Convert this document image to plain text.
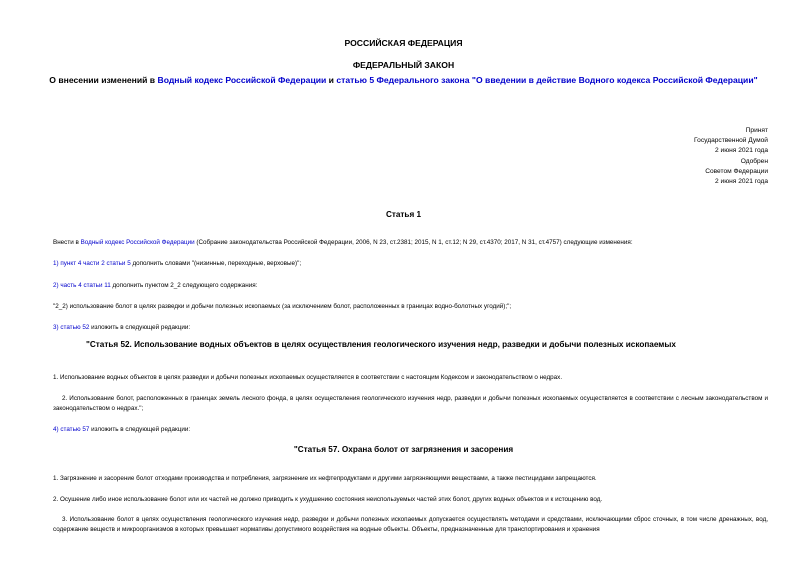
РОССИЙСКАЯ ФЕДЕРАЦИЯ
ФЕДЕРАЛЬНЫЙ ЗАКОН
О внесении изменений в Водный кодекс Российской Федерации и статью 5 Федерального закона "О введении в действие Водного кодекса Российской Федерации"
Принят
Государственной Думой
2 июня 2021 года
Одобрен
Советом Федерации
2 июня 2021 года
Статья 1
Внести в Водный кодекс Российской Федерации (Собрание законодательства Российской Федерации, 2006, N 23, ст.2381; 2015, N 1, ст.12; N 29, ст.4370; 2017, N 31, ст.4757) следующие изменения:
1) пункт 4 части 2 статьи 5 дополнить словами "(низинные, переходные, верховые)";
2) часть 4 статьи 11 дополнить пунктом 2_2 следующего содержания:
"2_2) использование болот в целях разведки и добычи полезных ископаемых (за исключением болот, расположенных в границах водно-болотных угодий);";
3) статью 52 изложить в следующей редакции:
"Статья 52. Использование водных объектов в целях осуществления геологического изучения недр, разведки и добычи полезных ископаемых
1. Использование водных объектов в целях разведки и добычи полезных ископаемых осуществляется в соответствии с настоящим Кодексом и законодательством о недрах.
2. Использование болот, расположенных в границах земель лесного фонда, в целях осуществления геологического изучения недр, разведки и добычи полезных ископаемых осуществляется в соответствии с лесным законодательством и законодательством о недрах.";
4) статью 57 изложить в следующей редакции:
"Статья 57. Охрана болот от загрязнения и засорения
1. Загрязнение и засорение болот отходами производства и потребления, загрязнение их нефтепродуктами и другими загрязняющими веществами, а также пестицидами запрещаются.
2. Осушение либо иное использование болот или их частей не должно приводить к ухудшению состояния неиспользуемых частей этих болот, других водных объектов и к истощению вод.
3. Использование болот в целях осуществления геологического изучения недр, разведки и добычи полезных ископаемых допускается осуществлять методами и средствами, исключающими сброс сточных, в том числе дренажных, вод, содержание веществ и микроорганизмов в которых превышает нормативы допустимого воздействия на водные объекты. Объекты, предназначенные для транспортирования и хранения
